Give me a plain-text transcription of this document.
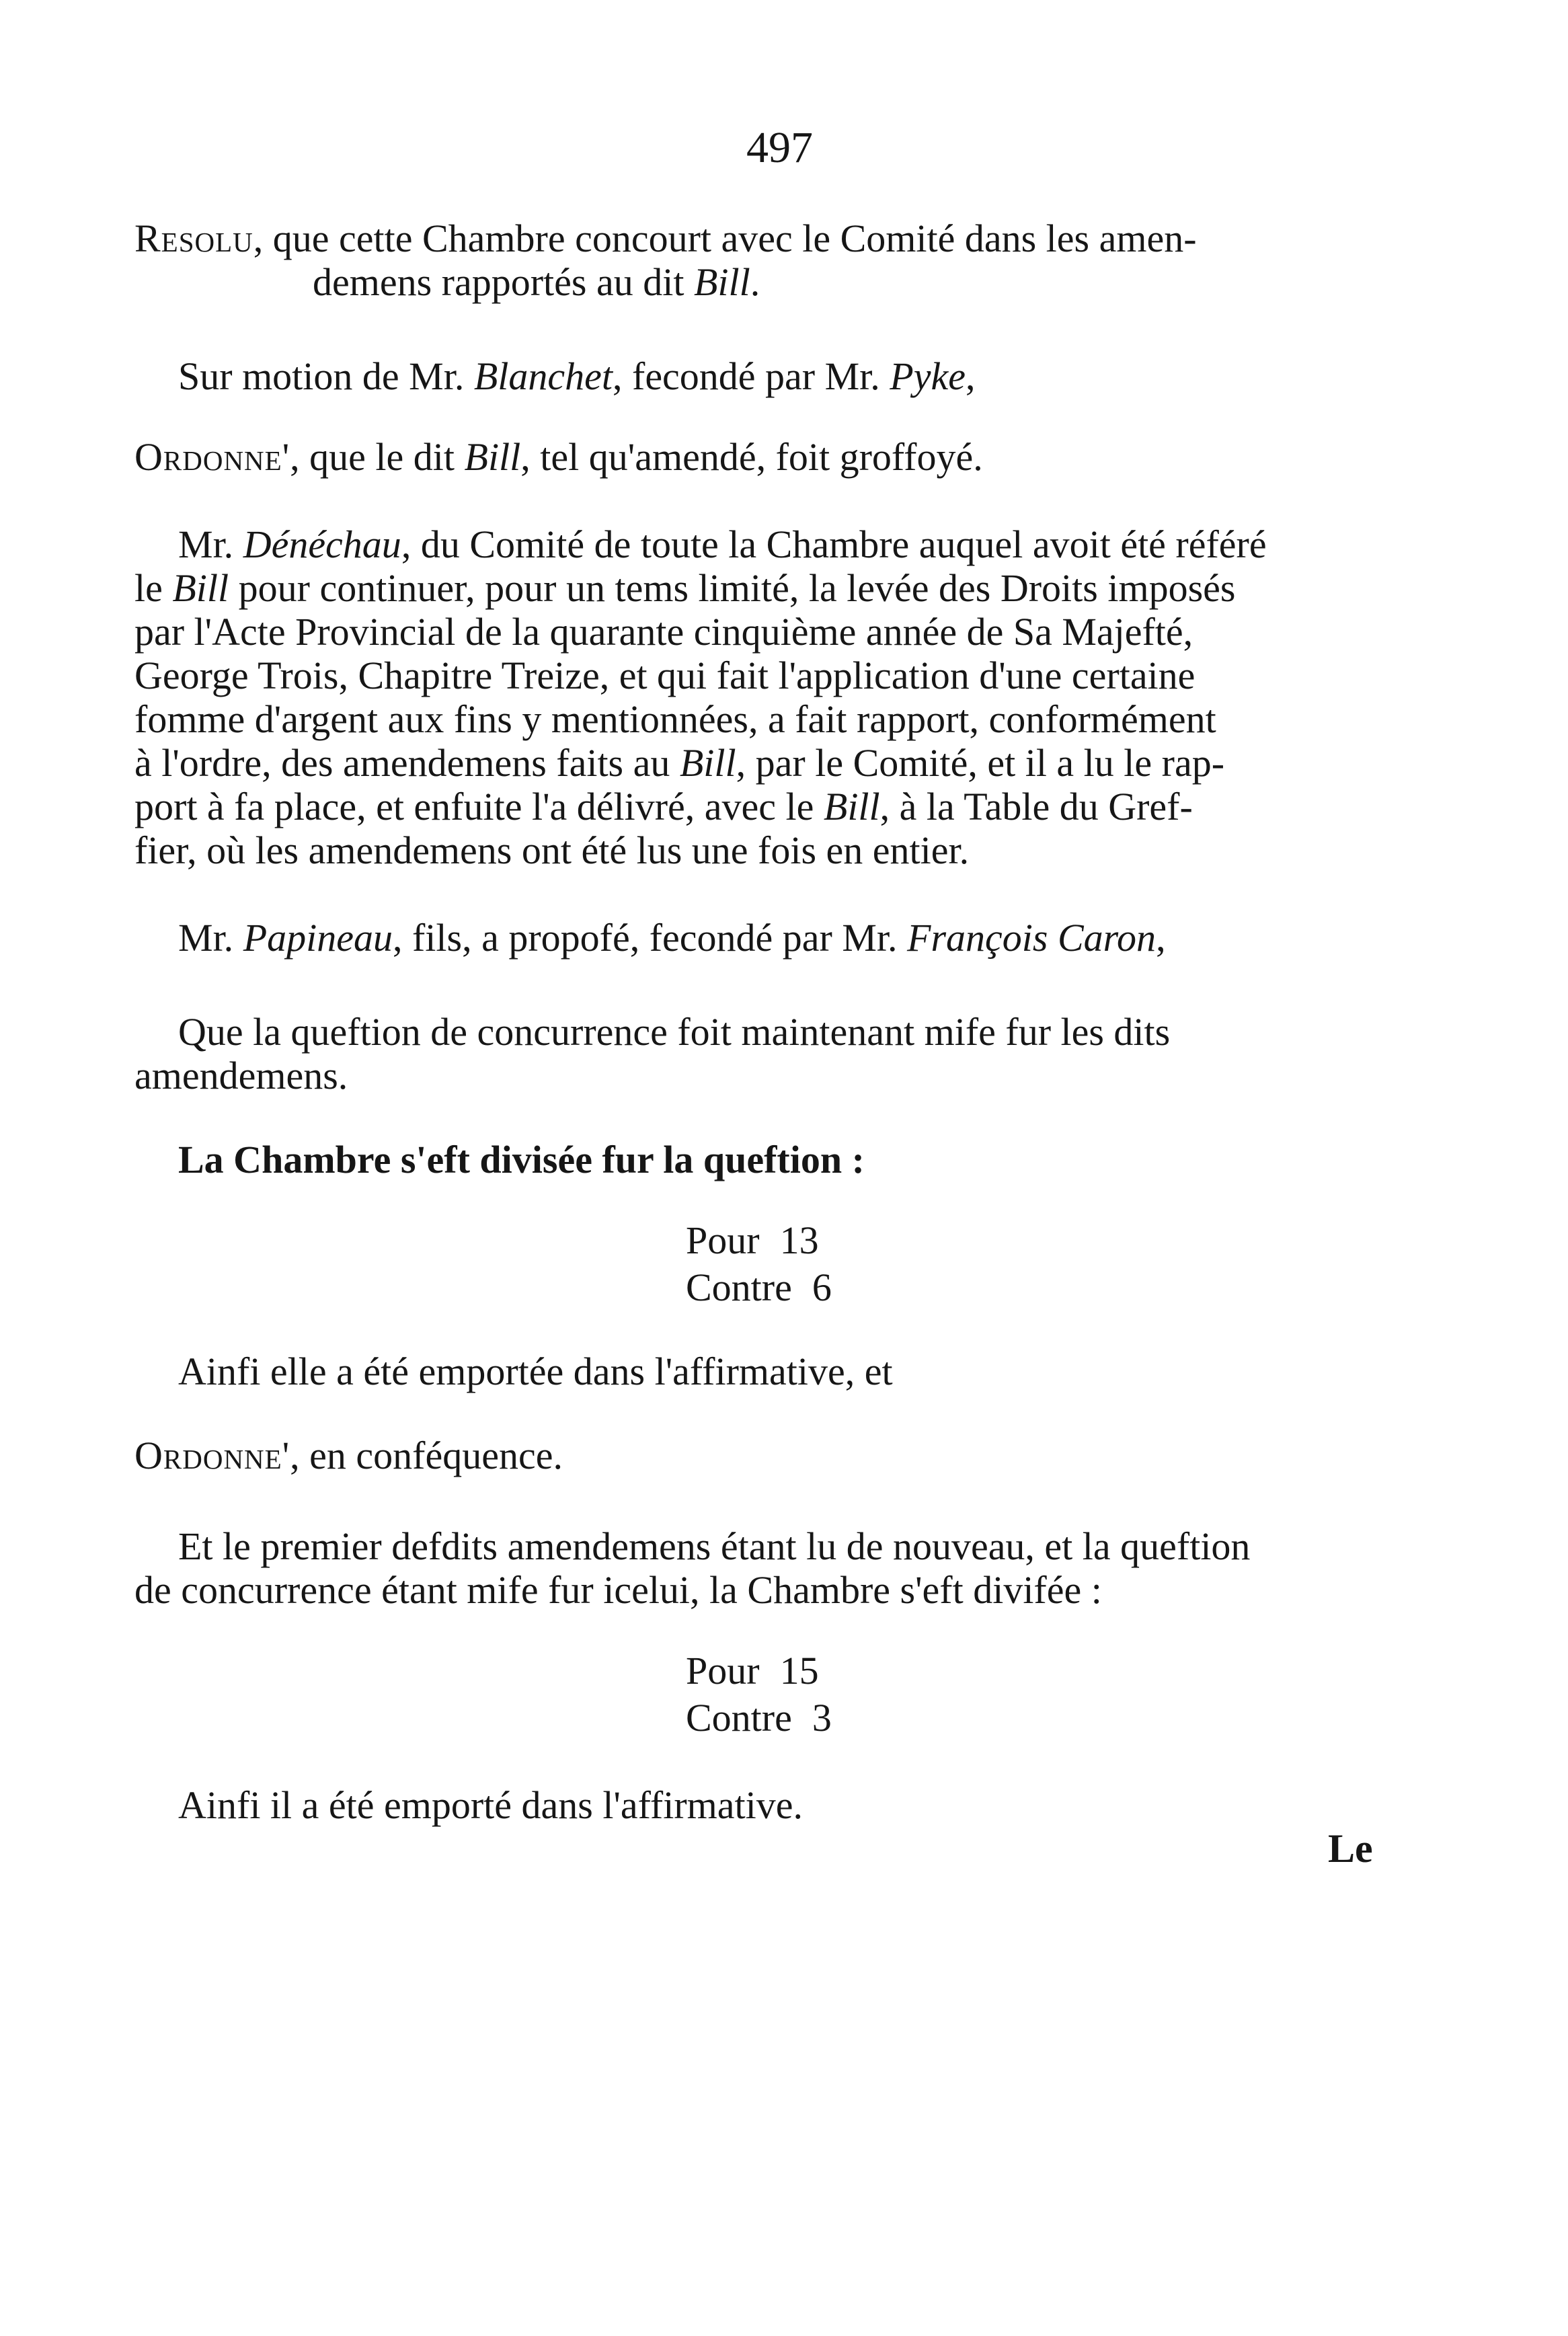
497
Resolu, que cette Chambre concourt avec le Comité dans les amen-
demens rapportés au dit Bill.
Sur motion de Mr. Blanchet, fecondé par Mr. Pyke,
Ordonne', que le dit Bill, tel qu'amendé, foit groffoyé.
Mr. Dénéchau, du Comité de toute la Chambre auquel avoit été référé
le Bill pour continuer, pour un tems limité, la levée des Droits imposés
par l'Acte Provincial de la quarante cinquième année de Sa Majefté,
George Trois, Chapitre Treize, et qui fait l'application d'une certaine
fomme d'argent aux fins y mentionnées, a fait rapport, conformément
à l'ordre, des amendemens faits au Bill, par le Comité, et il a lu le rap-
port à fa place, et enfuite l'a délivré, avec le Bill, à la Table du Gref-
fier, où les amendemens ont été lus une fois en entier.
Mr. Papineau, fils, a propofé, fecondé par Mr. François Caron,
Que la queftion de concurrence foit maintenant mife fur les dits
amendemens.
La Chambre s'eft divisée fur la queftion :
Pour 13
Contre 6
Ainfi elle a été emportée dans l'affirmative, et
Ordonne', en conféquence.
Et le premier defdits amendemens étant lu de nouveau, et la queftion
de concurrence étant mife fur icelui, la Chambre s'eft divifée :
Pour 15
Contre 3
Ainfi il a été emporté dans l'affirmative.
Le
